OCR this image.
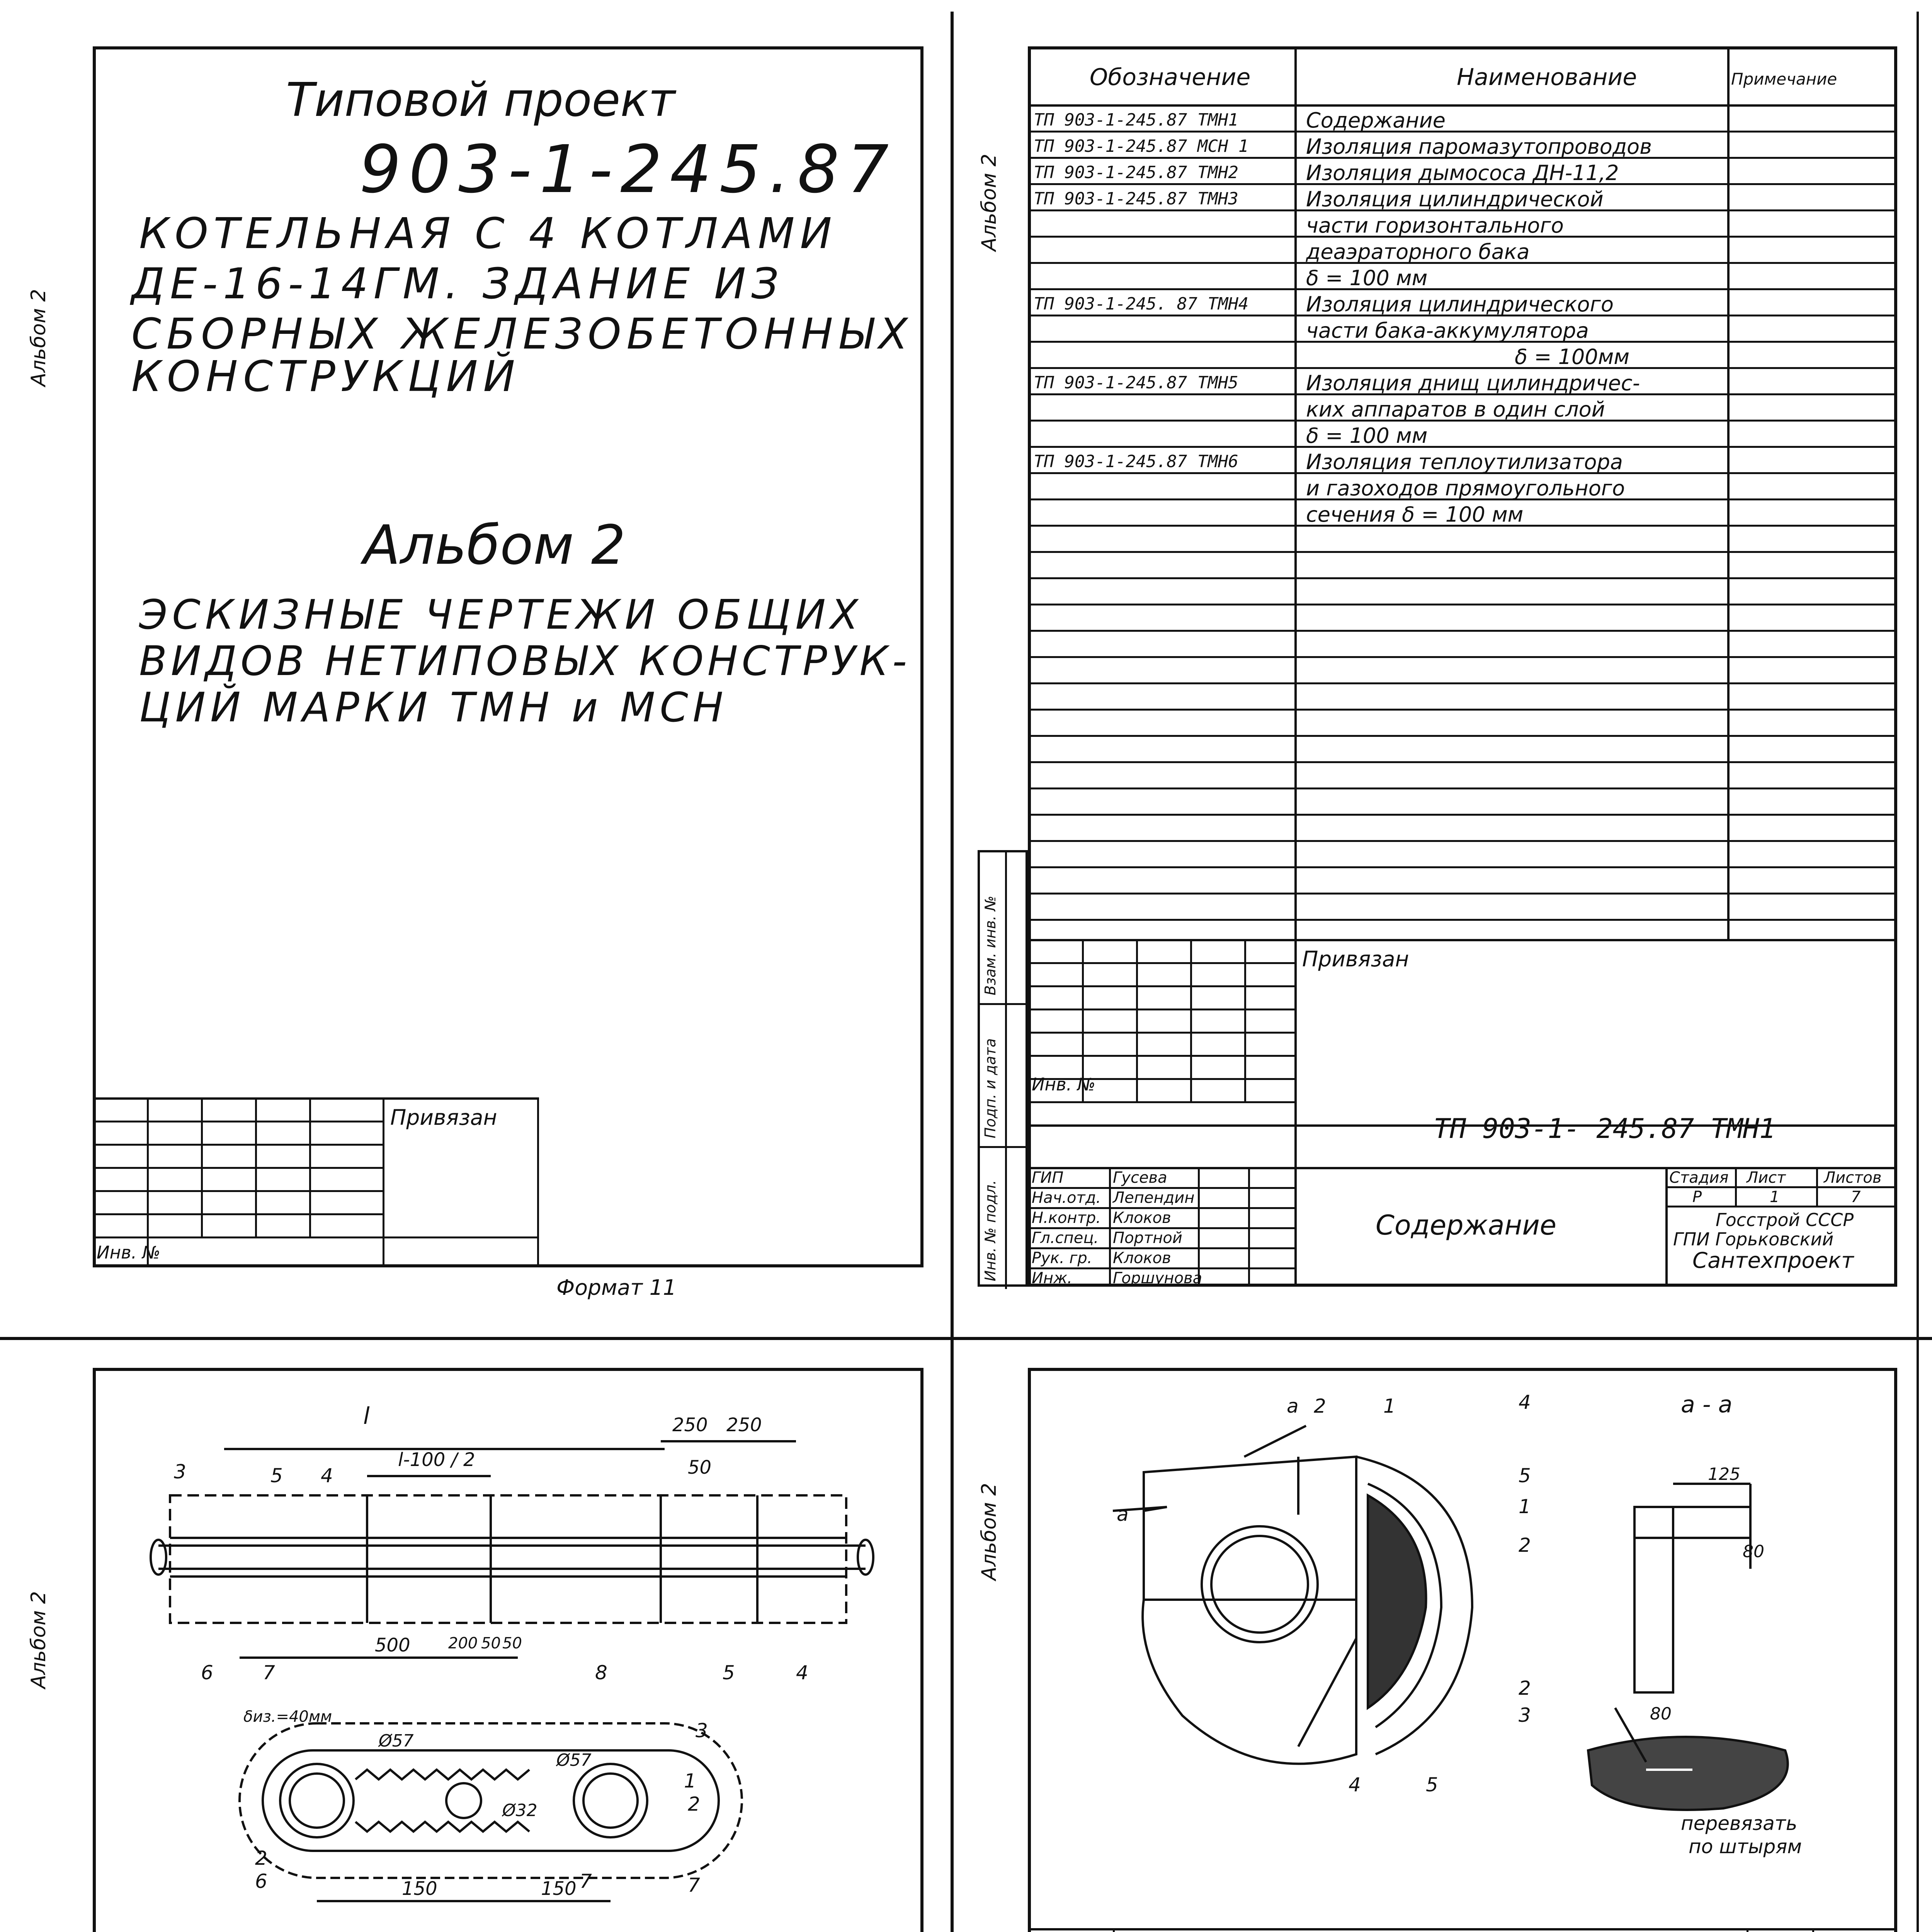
Альбом 2
Типовой проект
903-1-245.87
КОТЕЛЬНАЯ С 4 КОТЛАМИ
ДЕ-16-14ГМ. ЗДАНИЕ ИЗ
СБОРНЫХ ЖЕЛЕЗОБЕТОННЫХ
КОНСТРУКЦИЙ
Альбом 2
ЭСКИЗНЫЕ ЧЕРТЕЖИ ОБЩИХ
ВИДОВ НЕТИПОВЫХ КОНСТРУК-
ЦИЙ МАРКИ ТМН и МСН
Привязан
Инв. №
Формат 11
Альбом 2
Обозначение	Наименование	Примечание
ТП 903-1-245.87 ТМН1	Содержание
ТП 903-1-245.87 МСН 1	Изоляция паромазутопроводов
ТП 903-1-245.87 ТМН2	Изоляция дымососа ДН-11,2
ТП 903-1-245.87 ТМН3	Изоляция цилиндрической
части горизонтального
деаэраторного бака
δ = 100 мм
ТП 903-1-245. 87 ТМН4	Изоляция цилиндрического
части бака-аккумулятора
δ = 100мм
ТП 903-1-245.87 ТМН5	Изоляция днищ цилиндричес-
ких аппаратов в один слой
δ = 100 мм
ТП 903-1-245.87 ТМН6	Изоляция теплоутилизатора
и газоходов прямоугольного
сечения δ = 100 мм
Взам. инв. №
Подп. и дата
Инв. № подл.
Привязан
Инв. №
ТП 903-1- 245.87 ТМН1
ГИП	Гусева
Нач.отд. Лепендин
Н.контр. Клоков
Гл.спец. Портной
Рук. гр. Клоков
Инж.	Горшунова
Содержание
Стадия Лист Листов
Р	1	7
Госстрой СССР
ГПИ Горьковский
Сантехпроект
Альбом 2
l
l-100 / 2
250 250
50
500 200 50 50
150	150
δиз.=40мм
Ø57
Ø57
Ø32
3	5 4
6	7	8	5	4
3
1
2
7
2
6	7
Альбом 2
а - а
125
80
80
а 2	1
а
4	5
4
5
1
2
2
3
перевязать
по штырям
